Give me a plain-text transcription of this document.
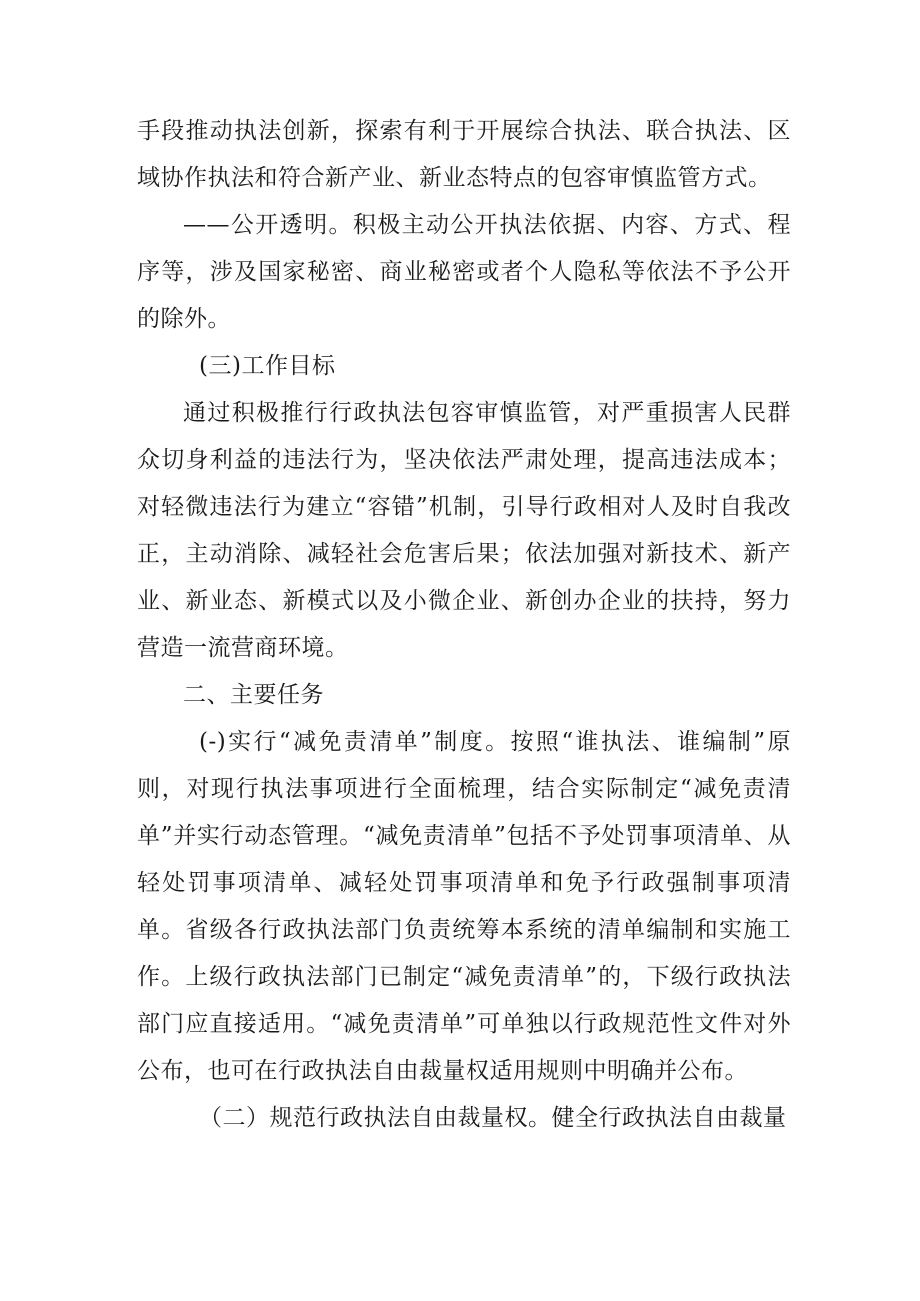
手段推动执法创新，探索有利于开展综合执法、联合执法、区域协作执法和符合新产业、新业态特点的包容审慎监管方式。

——公开透明。积极主动公开执法依据、内容、方式、程序等，涉及国家秘密、商业秘密或者个人隐私等依法不予公开的除外。

(三)工作目标

通过积极推行行政执法包容审慎监管，对严重损害人民群众切身利益的违法行为，坚决依法严肃处理，提高违法成本；对轻微违法行为建立“容错”机制，引导行政相对人及时自我改正，主动消除、减轻社会危害后果；依法加强对新技术、新产业、新业态、新模式以及小微企业、新创办企业的扶持，努力营造一流营商环境。

二、主要任务

(-)实行“减免责清单”制度。按照“谁执法、谁编制”原则，对现行执法事项进行全面梳理，结合实际制定“减免责清单”并实行动态管理。“减免责清单”包括不予处罚事项清单、从轻处罚事项清单、减轻处罚事项清单和免予行政强制事项清单。省级各行政执法部门负责统筹本系统的清单编制和实施工作。上级行政执法部门已制定“减免责清单”的，下级行政执法部门应直接适用。“减免责清单”可单独以行政规范性文件对外公布，也可在行政执法自由裁量权适用规则中明确并公布。

（二）规范行政执法自由裁量权。健全行政执法自由裁量
